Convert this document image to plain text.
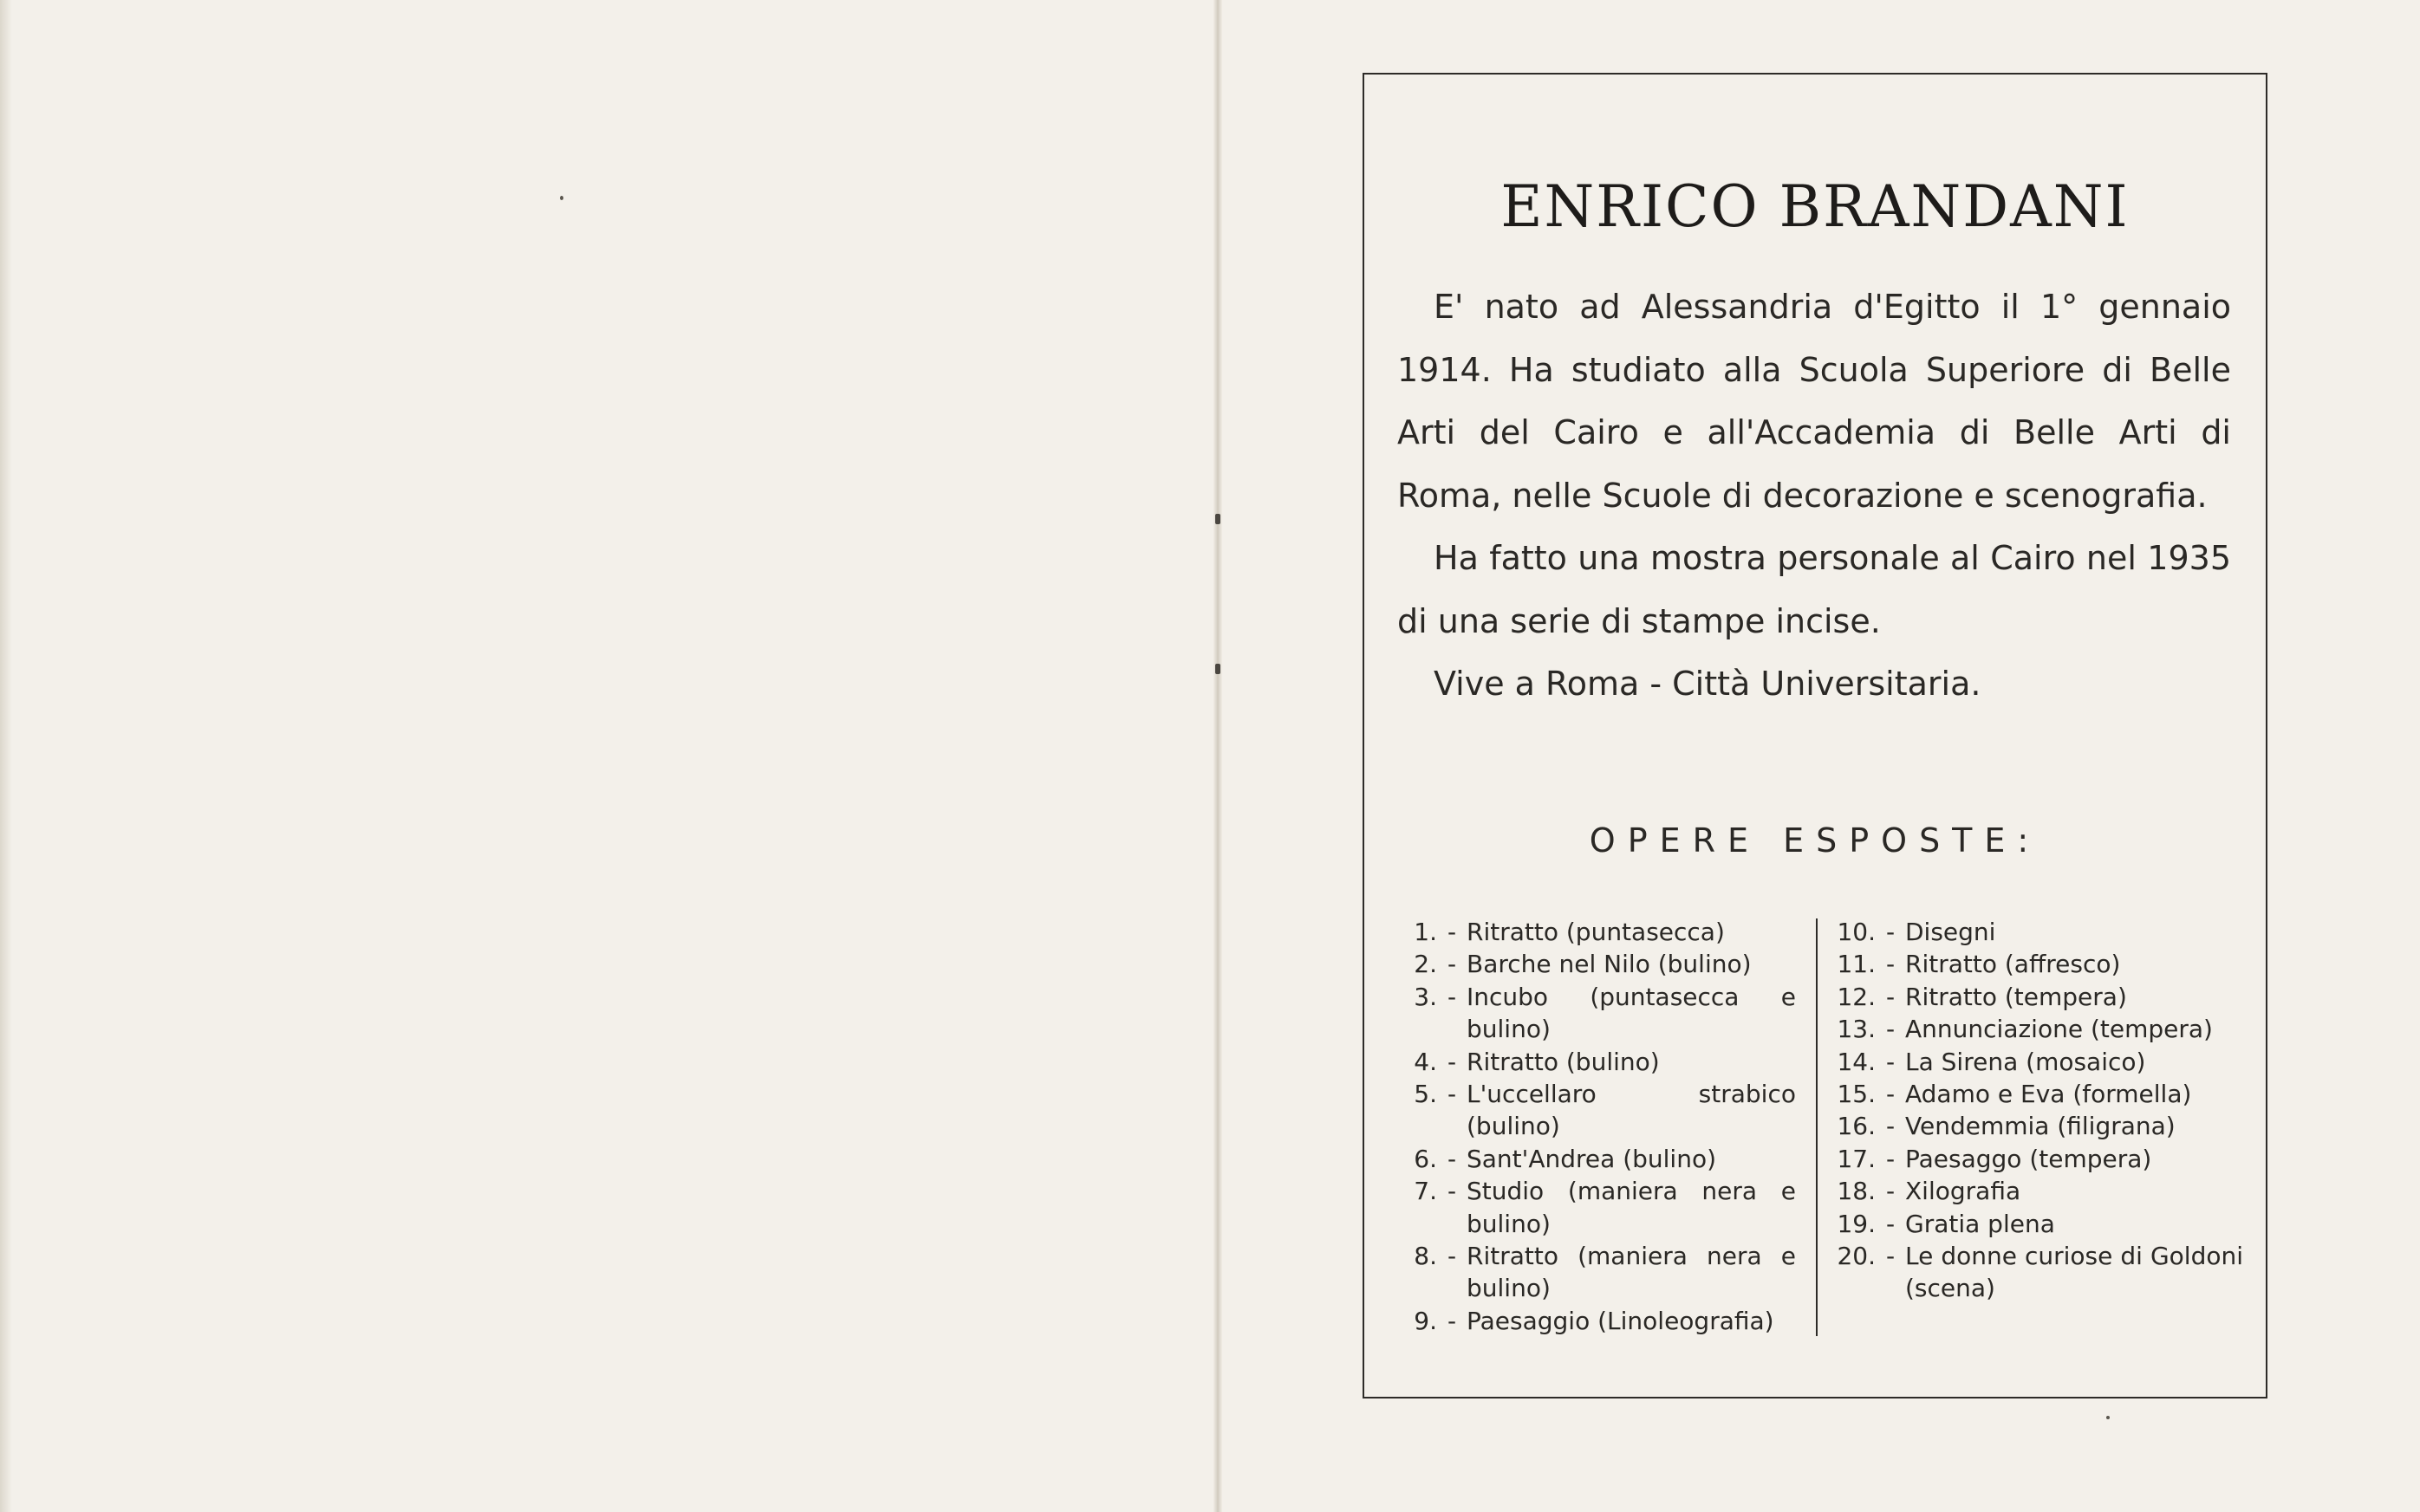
ENRICO BRANDANI

E' nato ad Alessandria d'Egitto il 1° gennaio 1914. Ha studiato alla Scuola Superiore di Belle Arti del Cairo e all'Accademia di Belle Arti di Roma, nelle Scuole di decorazione e scenografia.

Ha fatto una mostra personale al Cairo nel 1935 di una serie di stampe incise.

Vive a Roma - Città Universitaria.

OPERE ESPOSTE:
1. - Ritratto (puntasecca)
2. - Barche nel Nilo (bulino)
3. - Incubo (puntasecca e bulino)
4. - Ritratto (bulino)
5. - L'uccellaro strabico (bulino)
6. - Sant'Andrea (bulino)
7. - Studio (maniera nera e bulino)
8. - Ritratto (maniera nera e bulino)
9. - Paesaggio (Linoleografia)
10. - Disegni
11. - Ritratto (affresco)
12. - Ritratto (tempera)
13. - Annunciazione (tempera)
14. - La Sirena (mosaico)
15. - Adamo e Eva (formella)
16. - Vendemmia (filigrana)
17. - Paesaggo (tempera)
18. - Xilografia
19. - Gratia plena
20. - Le donne curiose di Goldoni (scena)
